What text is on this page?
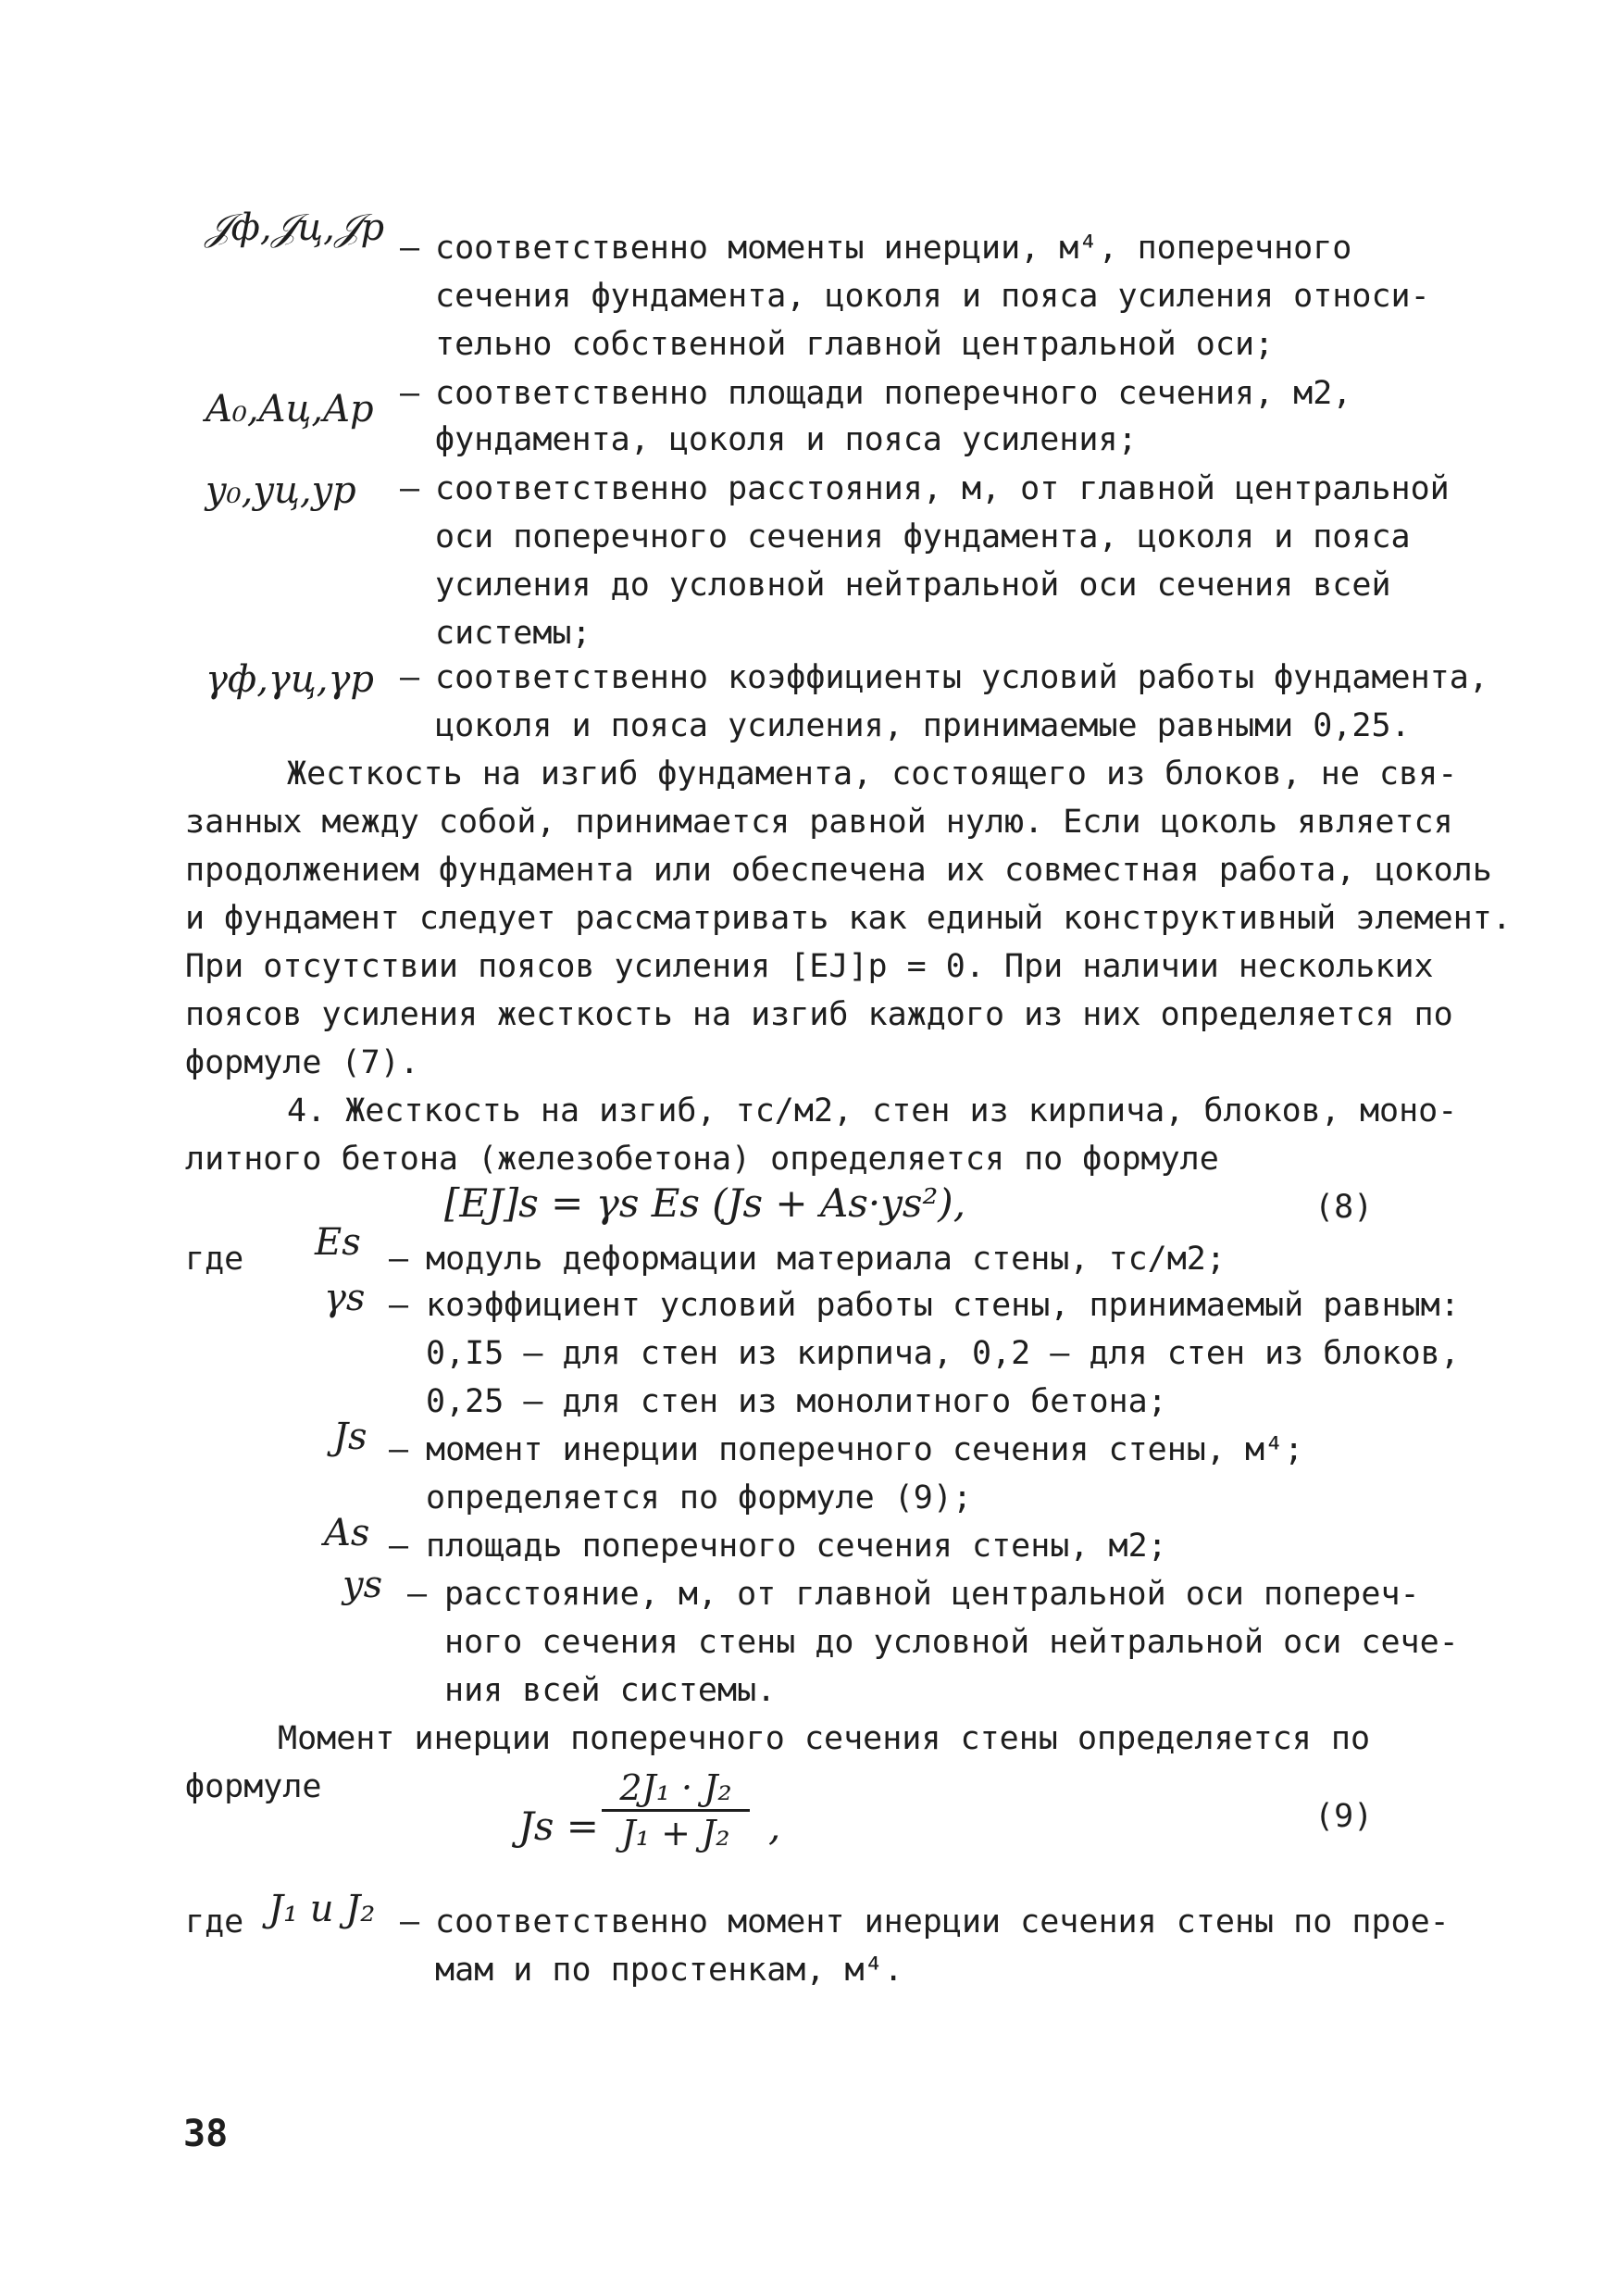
𝒥ф,𝒥ц,𝒥p – соответственно моменты инерции, м⁴, поперечного
сечения фундамента, цоколя и пояса усиления относи-
тельно собственной главной центральной оси;
A₀,Aц,Ap – соответственно площади поперечного сечения, м2,
фундамента, цоколя и пояса усиления;
y₀,yц,yp – соответственно расстояния, м, от главной центральной
оси поперечного сечения фундамента, цоколя и пояса
усиления до условной нейтральной оси сечения всей
системы;
γф,γц,γp – соответственно коэффициенты условий работы фундамента,
цоколя и пояса усиления, принимаемые равными 0,25.
Жесткость на изгиб фундамента, состоящего из блоков, не свя-
занных между собой, принимается равной нулю. Если цоколь является
продолжением фундамента или обеспечена их совместная работа, цоколь
и фундамент следует рассматривать как единый конструктивный элемент.
При отсутствии поясов усиления [EJ]p = 0. При наличии нескольких
поясов усиления жесткость на изгиб каждого из них определяется по
формуле (7).
4. Жесткость на изгиб, тс/м2, стен из кирпича, блоков, моно-
литного бетона (железобетона) определяется по формуле
[EJ]s = γs Es (Js + As·ys²),	(8)
где Es – модуль деформации материала стены, тс/м2;
γs – коэффициент условий работы стены, принимаемый равным:
0,I5 – для стен из кирпича, 0,2 – для стен из блоков,
0,25 – для стен из монолитного бетона;
Js – момент инерции поперечного сечения стены, м⁴;
определяется по формуле (9);
As – площадь поперечного сечения стены, м2;
ys – расстояние, м, от главной центральной оси попереч-
ного сечения стены до условной нейтральной оси сече-
ния всей системы.
Момент инерции поперечного сечения стены определяется по
формуле
Js =
2J₁ · J₂
J₁ + J₂ ,	(9)
где J₁ и J₂ – соответственно момент инерции сечения стены по прое-
мам и по простенкам, м⁴.
38
